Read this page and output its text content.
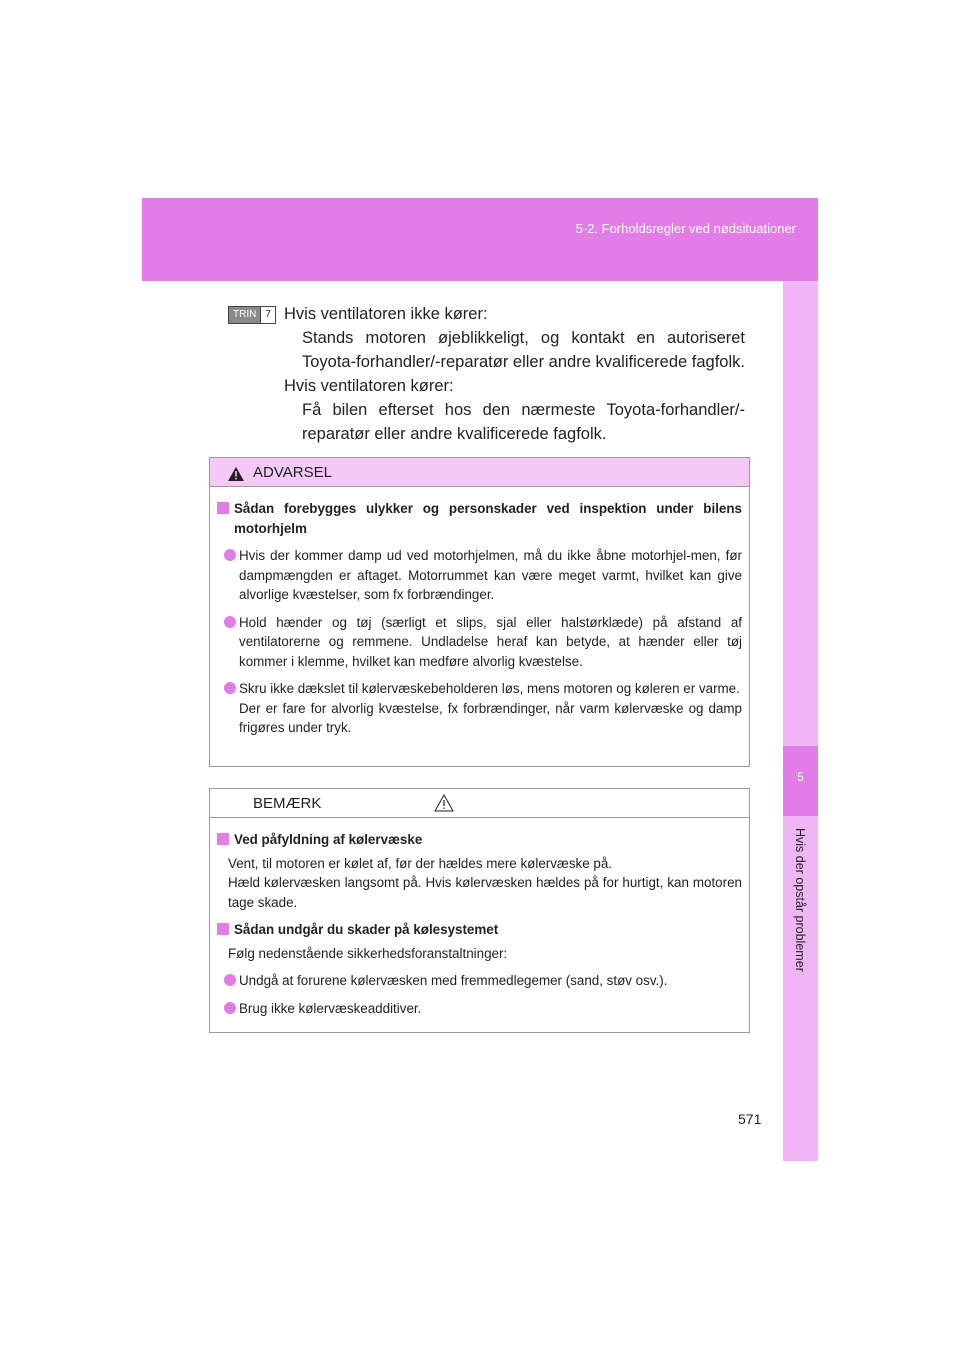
5-2. Forholdsregler ved nødsituationer
5
Hvis der opstår problemer
TRIN 7 Hvis ventilatoren ikke kører:
Stands motoren øjeblikkeligt, og kontakt en autoriseret
Toyota-forhandler/-reparatør eller andre kvalificerede fagfolk.
Hvis ventilatoren kører:
Få bilen efterset hos den nærmeste Toyota-forhandler/-
reparatør eller andre kvalificerede fagfolk.
ADVARSEL
Sådan forebygges ulykker og personskader ved inspektion under bilens motorhjelm
Hvis der kommer damp ud ved motorhjelmen, må du ikke åbne motorhjel-men, før dampmængden er aftaget. Motorrummet kan være meget varmt, hvilket kan give alvorlige kvæstelser, som fx forbrændinger.
Hold hænder og tøj (særligt et slips, sjal eller halstørklæde) på afstand af ventilatorerne og remmene. Undladelse heraf kan betyde, at hænder eller tøj kommer i klemme, hvilket kan medføre alvorlig kvæstelse.
Skru ikke dækslet til kølervæskebeholderen løs, mens motoren og køleren er varme.
Der er fare for alvorlig kvæstelse, fx forbrændinger, når varm kølervæske og damp frigøres under tryk.
BEMÆRK
Ved påfyldning af kølervæske
Vent, til motoren er kølet af, før der hældes mere kølervæske på.
Hæld kølervæsken langsomt på. Hvis kølervæsken hældes på for hurtigt, kan motoren tage skade.
Sådan undgår du skader på kølesystemet
Følg nedenstående sikkerhedsforanstaltninger:
Undgå at forurene kølervæsken med fremmedlegemer (sand, støv osv.).
Brug ikke kølervæskeadditiver.
571
